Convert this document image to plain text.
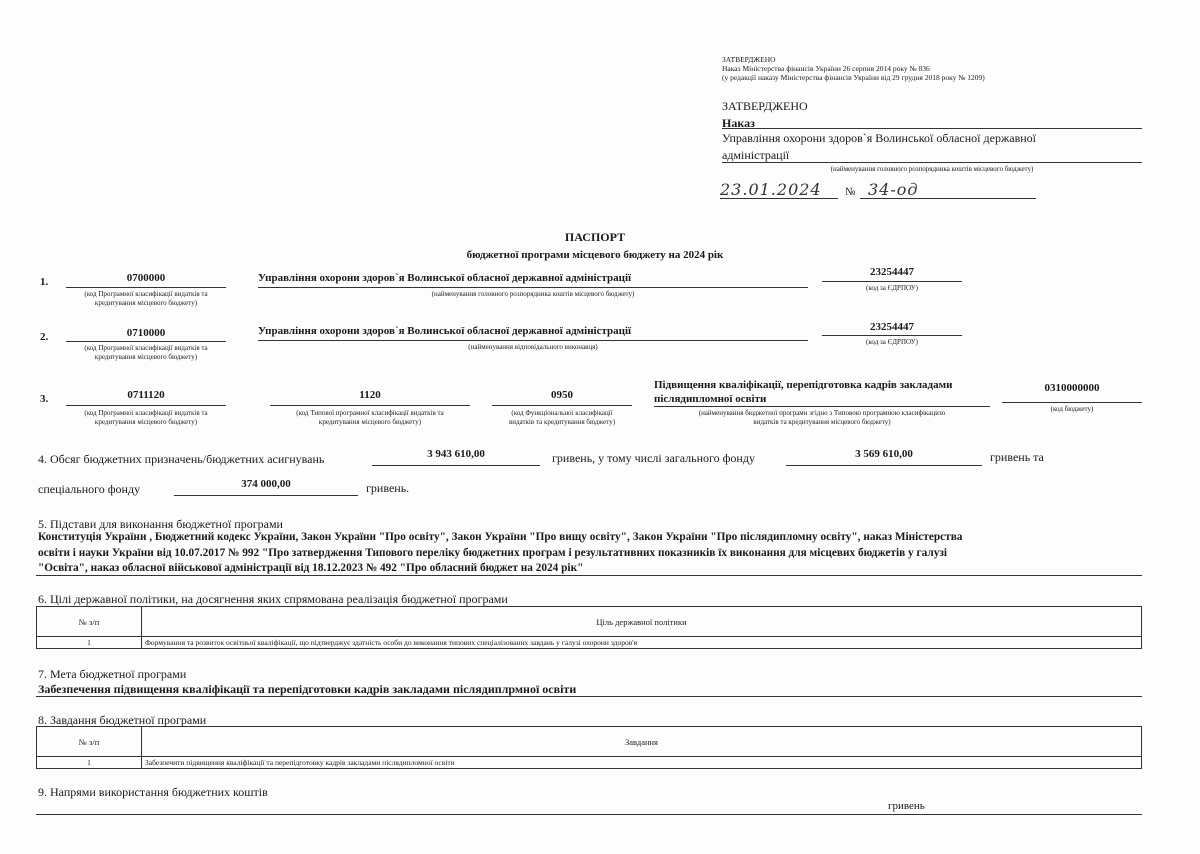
ЗАТВЕРДЖЕНО
Наказ Міністерства фінансів України 26 серпня 2014 року № 836
(у редакції наказу Міністерства фінансів України від 29 грудня 2018 року № 1209)
ЗАТВЕРДЖЕНО
Наказ
Управління охорони здоров`я Волинської обласної державної
адміністрації
(найменування головного розпорядника коштів місцевого бюджету)
23.01.2024 № 34-од
ПАСПОРТ
бюджетної програми місцевого бюджету на 2024 рік
1.	0700000
(код Програмної класифікації видатків та
кредитування місцевого бюджету)
Управління охорони здоров`я Волинської обласної державної адміністрації
(найменування головного розпорядника коштів місцевого бюджету)
23254447
(код за ЄДРПОУ)
2.	0710000
(код Програмної класифікації видатків та
кредитування місцевого бюджету)
Управління охорони здоров`я Волинської обласної державної адміністрації
(найменування відповідального виконавця)
23254447
(код за ЄДРПОУ)
3.	0711120
(код Програмної класифікації видатків та
кредитування місцевого бюджету)
1120
(код Типової програмної класифікації видатків та
кредитування місцевого бюджету)
0950
(код Функціональної класифікації
видатків та кредитування бюджету)
Підвищення кваліфікації, перепідготовка кадрів закладами
післядипломної освіти
(найменування бюджетної програми згідно з Типовою програмною класифікацією
видатків та кредитування місцевого бюджету)
0310000000
(код бюджету)
4. Обсяг бюджетних призначень/бюджетних асигнувань	3 943 610,00	гривень, у тому числі загального фонду	3 569 610,00	гривень та
спеціального фонду	374 000,00	гривень.
5. Підстави для виконання бюджетної програми
Конституція України , Бюджетний кодекс України, Закон України "Про освіту", Закон України "Про вищу освіту", Закон України "Про післядипломну освіту", наказ Міністерства
освіти і науки України від 10.07.2017 № 992 "Про затвердження Типового переліку бюджетних програм і результативних показників їх виконання для місцевих бюджетів у галузі
"Освіта", наказ обласної військової адміністрації від 18.12.2023 № 492 "Про обласний бюджет на 2024 рік"
6. Цілі державної політики, на досягнення яких спрямована реалізація бюджетної програми
№ з/п	Ціль державної політики
1	Формування та розвиток освітньої кваліфікації, що підтверджує здатність особи до виконання типових спеціалізованих завдань у галузі охорони здоров'я
7. Мета бюджетної програми
Забезпечення підвищення кваліфікації та перепідготовки кадрів закладами післядиплрмної освіти
8. Завдання бюджетної програми
№ з/п	Завдання
1	Забезпечити підвищення кваліфікації та перепідготовку кадрів закладами післядипломної освіти
9. Напрями використання бюджетних коштів
гривень
